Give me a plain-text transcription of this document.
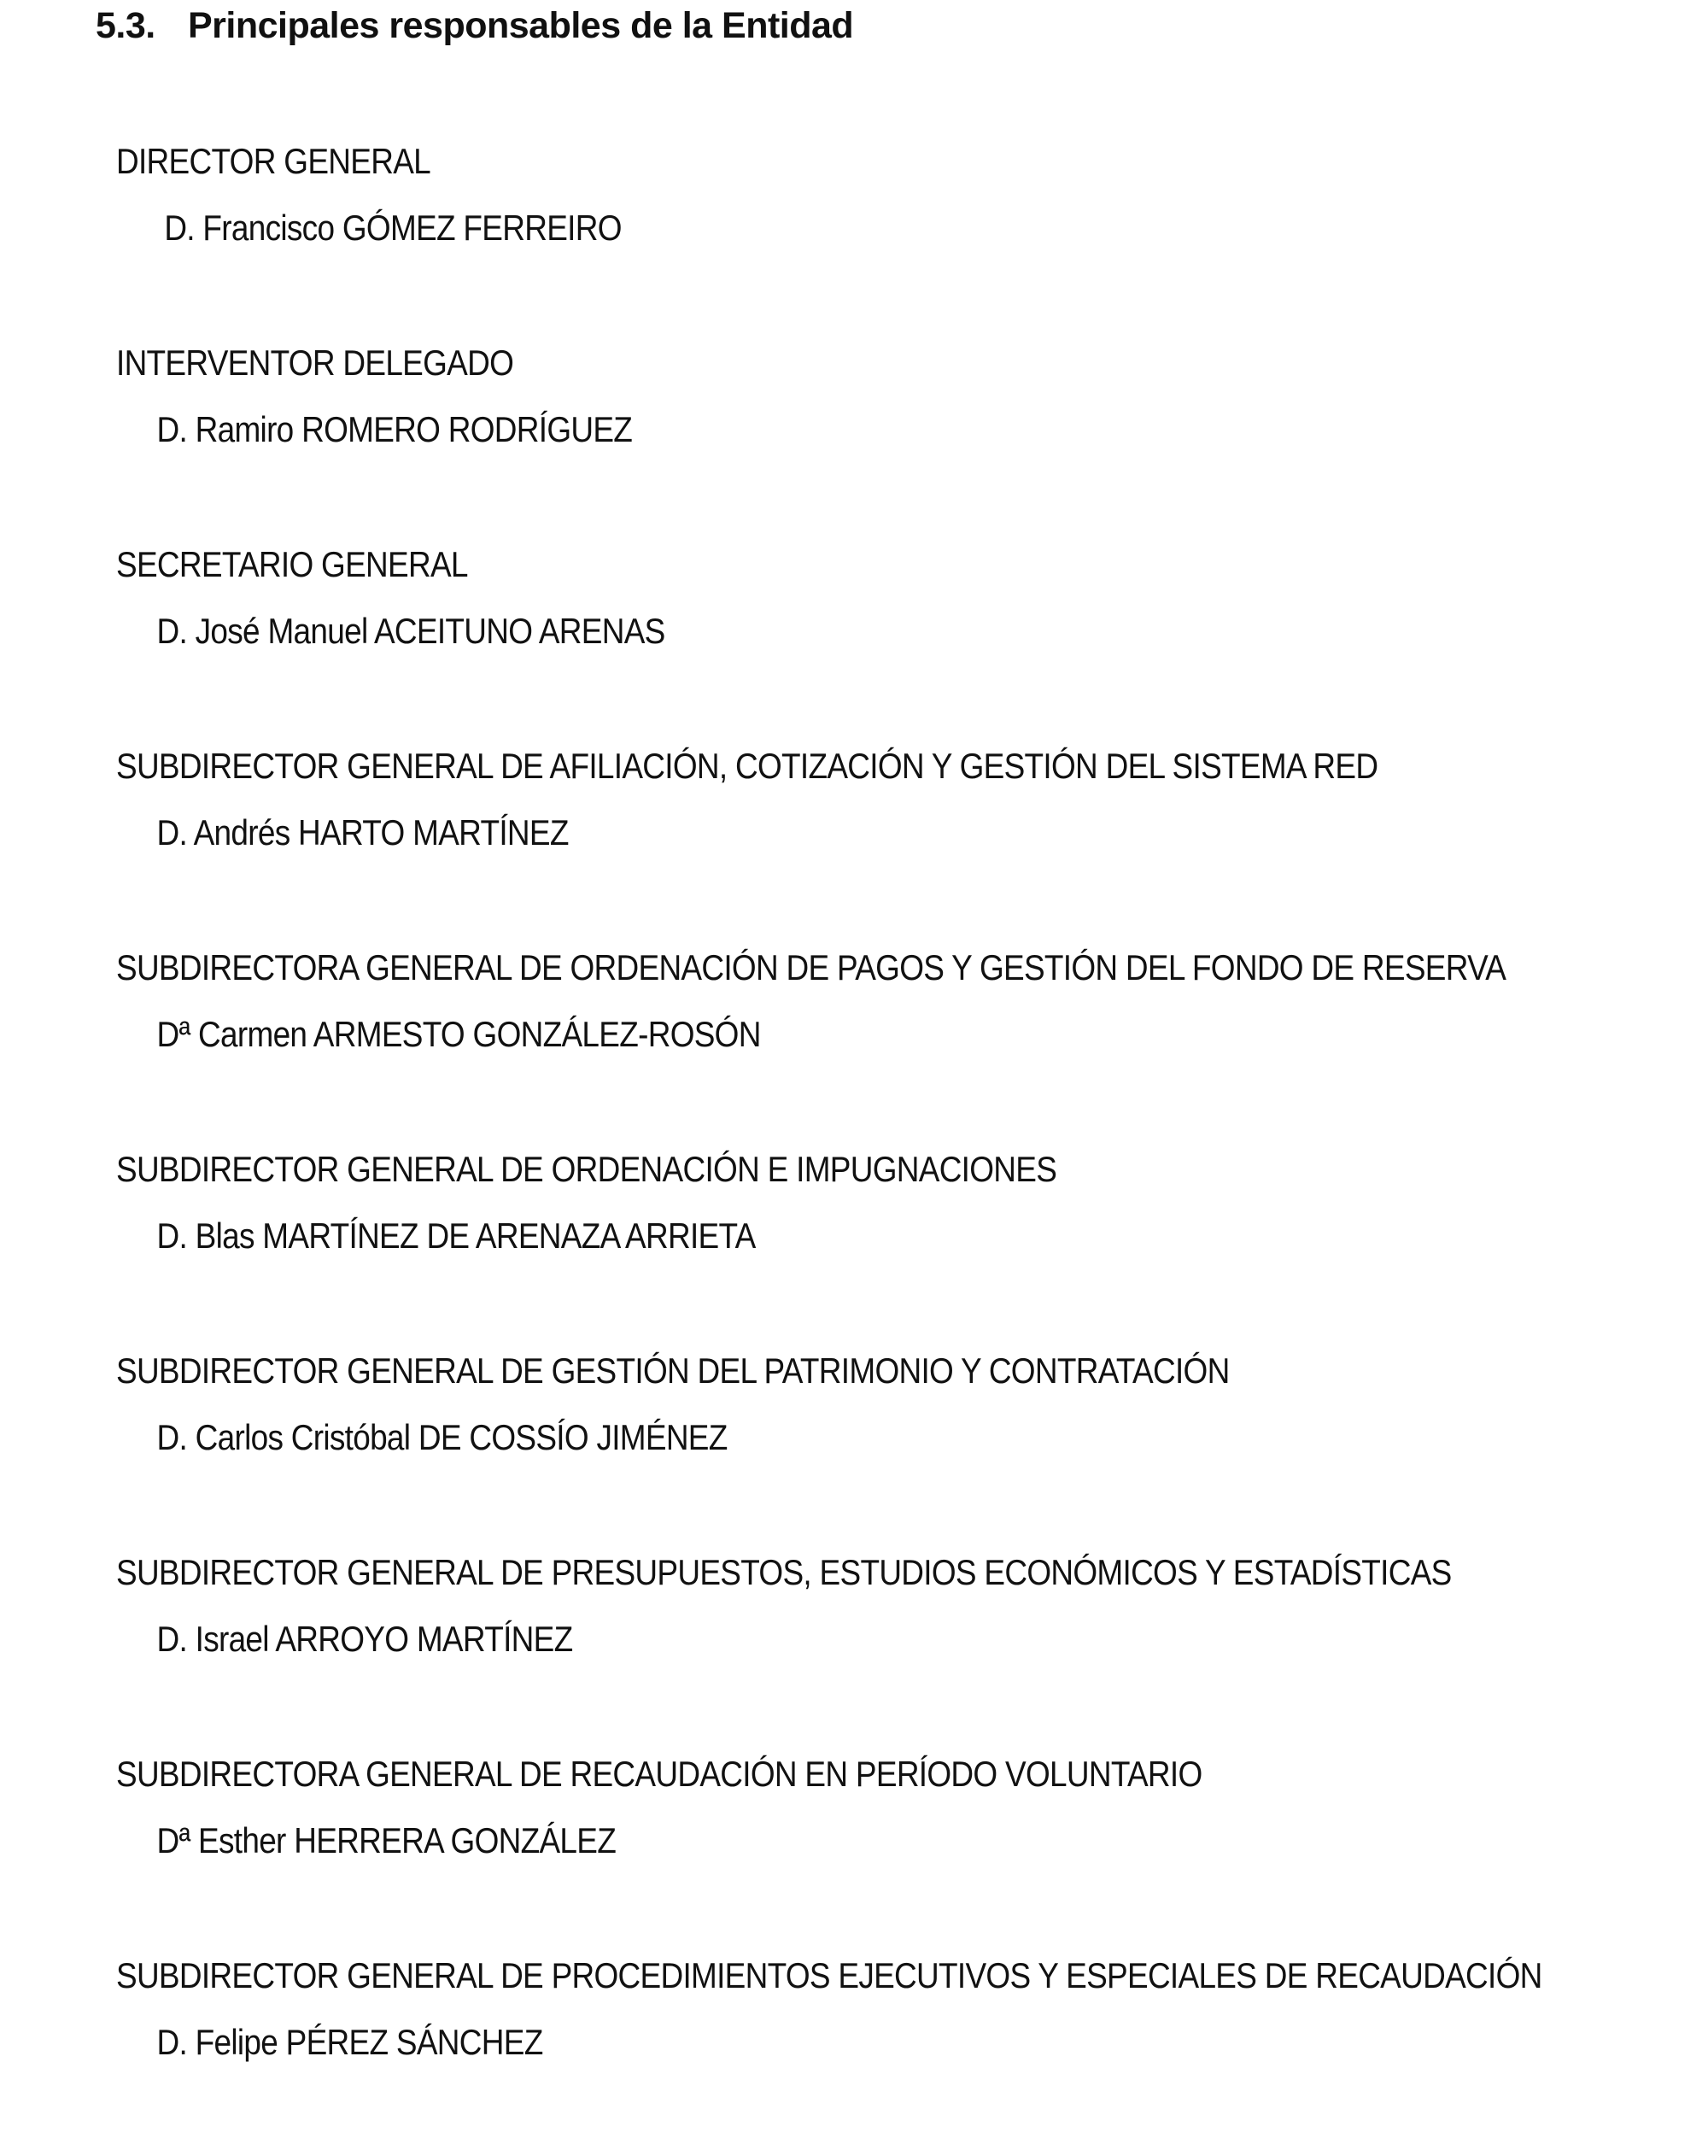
5.3. Principales responsables de la Entidad
DIRECTOR GENERAL
D. Francisco GÓMEZ FERREIRO
INTERVENTOR DELEGADO
D. Ramiro ROMERO RODRÍGUEZ
SECRETARIO GENERAL
D. José Manuel ACEITUNO ARENAS
SUBDIRECTOR GENERAL DE AFILIACIÓN, COTIZACIÓN Y GESTIÓN DEL SISTEMA RED
D. Andrés HARTO MARTÍNEZ
SUBDIRECTORA GENERAL DE ORDENACIÓN DE PAGOS Y GESTIÓN DEL FONDO DE RESERVA
Dª Carmen ARMESTO GONZÁLEZ-ROSÓN
SUBDIRECTOR GENERAL DE ORDENACIÓN E IMPUGNACIONES
D. Blas MARTÍNEZ DE ARENAZA ARRIETA
SUBDIRECTOR GENERAL DE GESTIÓN DEL PATRIMONIO Y CONTRATACIÓN
D. Carlos Cristóbal DE COSSÍO JIMÉNEZ
SUBDIRECTOR GENERAL DE PRESUPUESTOS, ESTUDIOS ECONÓMICOS Y ESTADÍSTICAS
D. Israel ARROYO MARTÍNEZ
SUBDIRECTORA GENERAL DE RECAUDACIÓN EN PERÍODO VOLUNTARIO
Dª Esther HERRERA GONZÁLEZ
SUBDIRECTOR GENERAL DE PROCEDIMIENTOS EJECUTIVOS Y ESPECIALES DE RECAUDACIÓN
D. Felipe PÉREZ SÁNCHEZ
